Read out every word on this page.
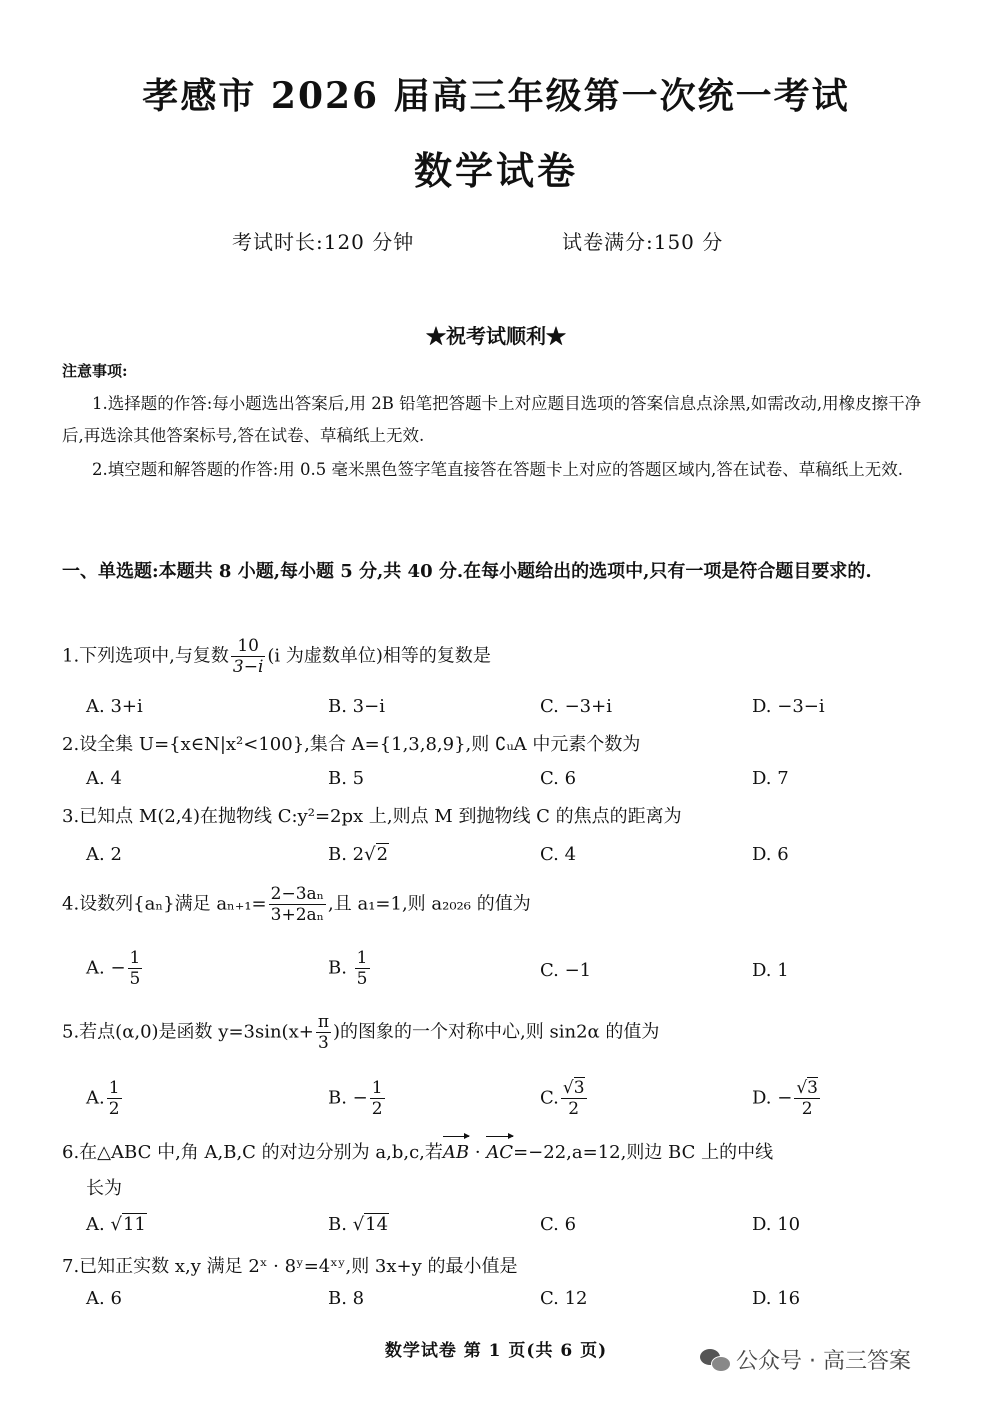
孝感市 2026 届高三年级第一次统一考试
数学试卷
考试时长:120 分钟	试卷满分:150 分
★祝考试顺利★
注意事项:
1.选择题的作答:每小题选出答案后,用 2B 铅笔把答题卡上对应题目选项的答案信息点涂黑,如需改动,用橡皮擦干净后,再选涂其他答案标号,答在试卷、草稿纸上无效.
2.填空题和解答题的作答:用 0.5 毫米黑色签字笔直接答在答题卡上对应的答题区域内,答在试卷、草稿纸上无效.
一、单选题:本题共 8 小题,每小题 5 分,共 40 分.在每小题给出的选项中,只有一项是符合题目要求的.
1.下列选项中,与复数 $\frac{10}{3-i} (i$ 为虚数单位)相等的复数是
A. 3+i	B. 3−i	C. −3+i	D. −3−i
2.设全集 U={x∈N|x²<100},集合 A={1,3,8,9},则 ∁ᵤA 中元素个数为
A. 4	B. 5	C. 6	D. 7
3.已知点 M(2,4)在抛物线 C:y²=2px 上,则点 M 到抛物线 C 的焦点的距离为
A. 2	B. 2√2	C. 4	D. 6
4.设数列{aₙ}满足 $a_{n+1}= \frac{\text{2−3aₙ}}{\text{3+2aₙ}}$ ,且 a₁=1,则 a₂₀₂₆ 的值为
A. − $\frac{1}{5}$	B. $\frac{1}{5}$	C. −1	D. 1
5.若点(α,0)是函数 $y=3\sin(x+ \frac{\pi}{3}$ )的图象的一个对称中心,则 sin2α 的值为
A. $\frac{1}{2}$	B. − $\frac{1}{2}$	C. $\frac{√3}{2}$	D. − $\frac{√3}{2}$
6.在△ABC 中,角 A,B,C 的对边分别为 a,b,c,若
AB ·
AC=−22,a=12,则边 BC 上的中线
长为
A. √11	B. √14	C. 6	D. 10
7.已知正实数 x,y 满足 2ˣ · 8ʸ=4ˣʸ,则 3x+y 的最小值是
A. 6	B. 8	C. 12	D. 16
数学试卷 第 1 页(共 6 页)	公众号 · 高三答案
